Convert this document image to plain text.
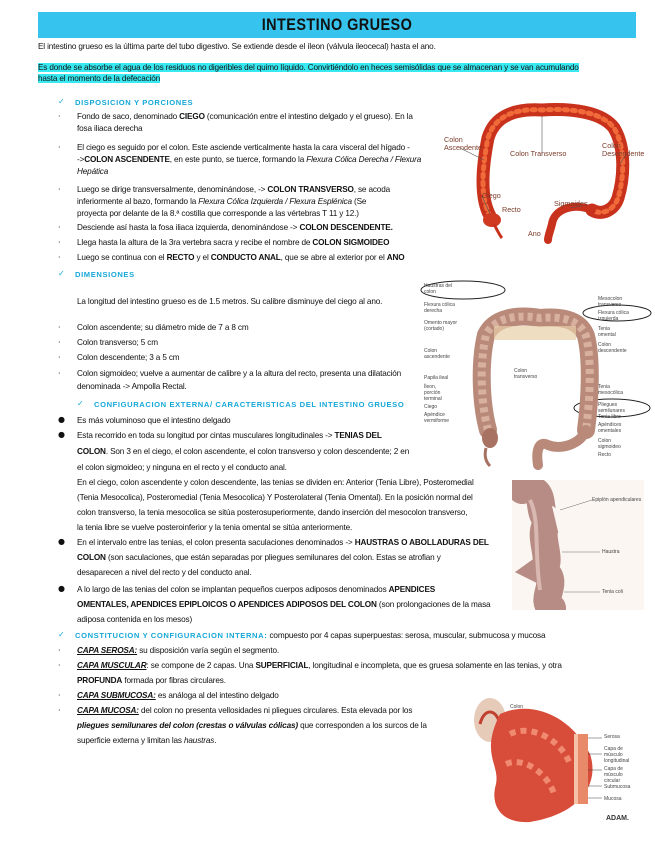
INTESTINO GRUESO
El intestino grueso es la última parte del tubo digestivo. Se extiende desde el íleon (válvula ileocecal) hasta el ano.
Es donde se absorbe el agua de los residuos no digeribles del quimo líquido. Convirtiéndolo en heces semisólidas que se almacenan y se van acumulando
hasta el momento de la defecación
✓ DISPOSICION Y PORCIONES
· Fondo de saco, denominado CIEGO (comunicación entre el intestino delgado y el grueso). En la
fosa iliaca derecha
· El ciego es seguido por el colon. Este asciende verticalmente hasta la cara visceral del hígado -
->COLON ASCENDENTE, en este punto, se tuerce, formando la Flexura Cólica Derecha / Flexura
Hepática
· Luego se dirige transversalmente, denominándose, -> COLON TRANSVERSO, se acoda
inferiormente al bazo, formando la Flexura Cólica Izquierda / Flexura Esplénica (Se
proyecta por delante de la 8.ª costilla que corresponde a las vértebras T 11 y 12.)
· Desciende así hasta la fosa iliaca izquierda, denominándose -> COLON DESCENDENTE.
· Llega hasta la altura de la 3ra vertebra sacra y recibe el nombre de COLON SIGMOIDEO
· Luego se continua con el RECTO y el CONDUCTO ANAL, que se abre al exterior por el ANO
✓ DIMENSIONES
La longitud del intestino grueso es de 1.5 metros. Su calibre disminuye del ciego al ano.
· Colon ascendente; su diámetro mide de 7 a 8 cm
· Colon transverso; 5 cm
· Colon descendente; 3 a 5 cm
· Colon sigmoideo; vuelve a aumentar de calibre y a la altura del recto, presenta una dilatación
denominada -> Ampolla Rectal.
✓ CONFIGURACION EXTERNA/ CARACTERISTICAS DEL INTESTINO GRUESO
● Es más voluminoso que el intestino delgado
● Esta recorrido en toda su longitud por cintas musculares longitudinales -> TENIAS DEL
COLON. Son 3 en el ciego, el colon ascendente, el colon transverso y colon descendente; 2 en
el colon sigmoideo; y ninguna en el recto y el conducto anal.
En el ciego, colon ascendente y colon descendente, las tenias se dividen en: Anterior (Tenia Libre), Posteromedial
(Tenia Mesocolica), Posteromedial (Tenia Mesocolica) Y Posterolateral (Tenia Omental). En la posición normal del
colon transverso, la tenia mesocolica se sitúa posterosuperiormente, dando inserción del mesocolon transverso,
la tenia libre se vuelve posteroinferior y la tenia omental se sitúa anteriormente.
● En el intervalo entre las tenias, el colon presenta saculaciones denominados -> HAUSTRAS O ABOLLADURAS DEL
COLON (son saculaciones, que están separadas por pliegues semilunares del colon. Estas se atrofian y
desaparecen a nivel del recto y del conducto anal.
● A lo largo de las tenias del colon se implantan pequeños cuerpos adiposos denominados APENDICES
OMENTALES, APENDICES EPIPLOICOS O APENDICES ADIPOSOS DEL COLON (son prolongaciones de la masa
adiposa contenida en los mesos)
✓ CONSTITUCION Y CONFIGURACION INTERNA: compuesto por 4 capas superpuestas: serosa, muscular, submucosa y mucosa
· CAPA SEROSA: su disposición varía según el segmento.
· CAPA MUSCULAR: se compone de 2 capas. Una SUPERFICIAL, longitudinal e incompleta, que es gruesa solamente en las tenias, y otra
PROFUNDA formada por fibras circulares.
· CAPA SUBMUCOSA: es análoga al del intestino delgado
· CAPA MUCOSA: del colon no presenta vellosidades ni pliegues circulares. Esta elevada por los
pliegues semilunares del colon (crestas o válvulas cólicas) que corresponden a los surcos de la
superficie externa y limitan las haustras.
Colon
Ascendente
Colon Transverso
Colon
Descendente
Ciego
Sigmoides
Recto
Ano
Haustras del
colon
Flexura cólica
derecha
Omento mayor
(cortado)
Colon
ascendente
Papila ileal
Íleon,
porción
terminal
Ciego
Apéndice
vermiforme
Mesocolon
transverso
Flexura cólica
izquierda
Tenia
omental
Colon
descendente
Colon
transverso
Tenia
mesocólica
Pliegues
semilunares
Tenia libre
Apéndices
omentales
Colon
sigmoideo
Recto
Epiplón apendiculares
Haustra
Tenia coli
Colon
Serosa
Capa de
músculo
longitudinal
Capa de
músculo
circular
Submucosa
Mucosa
ADAM.
